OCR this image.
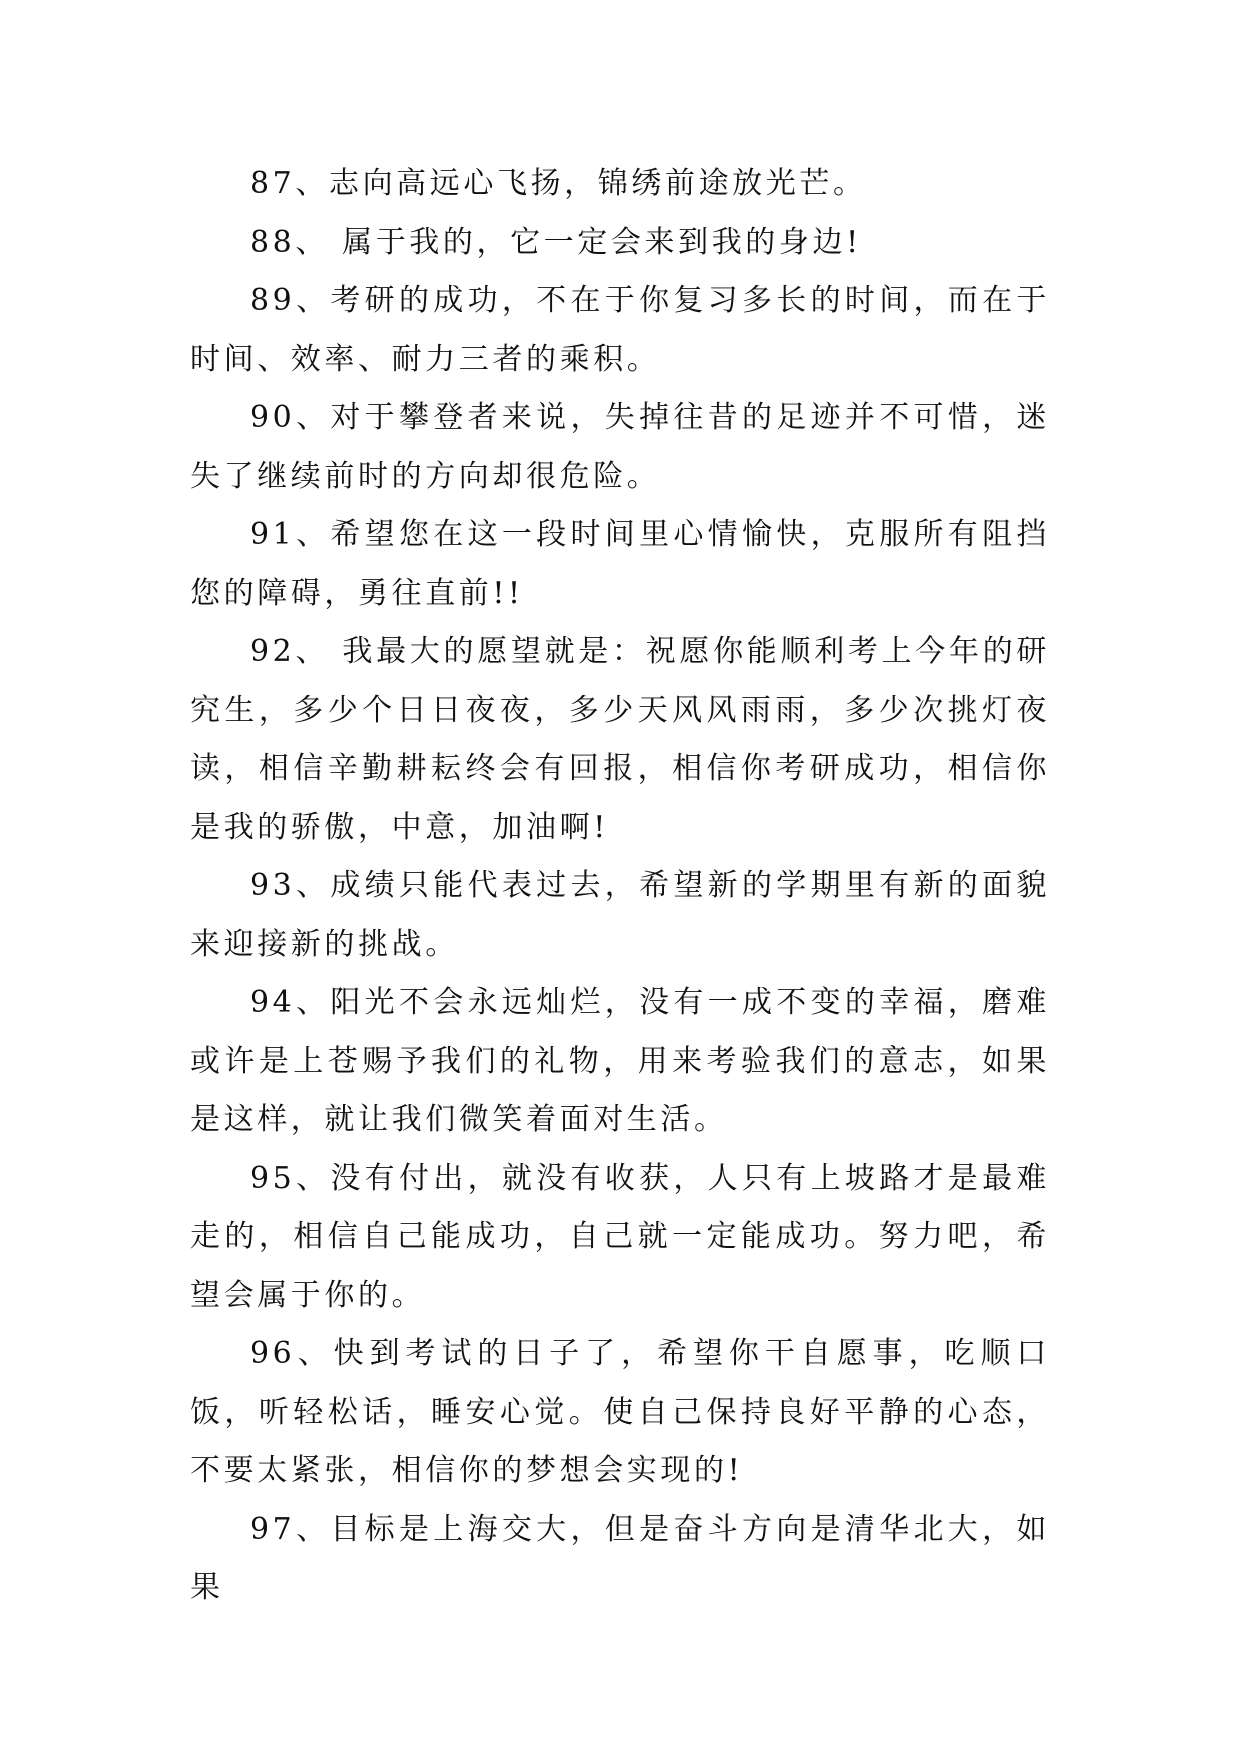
87、志向高远心飞扬，锦绣前途放光芒。

88、 属于我的，它一定会来到我的身边!

89、考研的成功，不在于你复习多长的时间，而在于时间、效率、耐力三者的乘积。

90、对于攀登者来说，失掉往昔的足迹并不可惜，迷失了继续前时的方向却很危险。

91、希望您在这一段时间里心情愉快，克服所有阻挡您的障碍，勇往直前!!

92、 我最大的愿望就是：祝愿你能顺利考上今年的研究生，多少个日日夜夜，多少天风风雨雨，多少次挑灯夜读，相信辛勤耕耘终会有回报，相信你考研成功，相信你是我的骄傲，中意，加油啊!

93、成绩只能代表过去，希望新的学期里有新的面貌来迎接新的挑战。

94、阳光不会永远灿烂，没有一成不变的幸福，磨难或许是上苍赐予我们的礼物，用来考验我们的意志，如果是这样，就让我们微笑着面对生活。

95、没有付出，就没有收获，人只有上坡路才是最难走的，相信自己能成功，自己就一定能成功。努力吧，希望会属于你的。

96、快到考试的日子了，希望你干自愿事，吃顺口饭，听轻松话，睡安心觉。使自己保持良好平静的心态，不要太紧张，相信你的梦想会实现的!

97、目标是上海交大，但是奋斗方向是清华北大，如果
